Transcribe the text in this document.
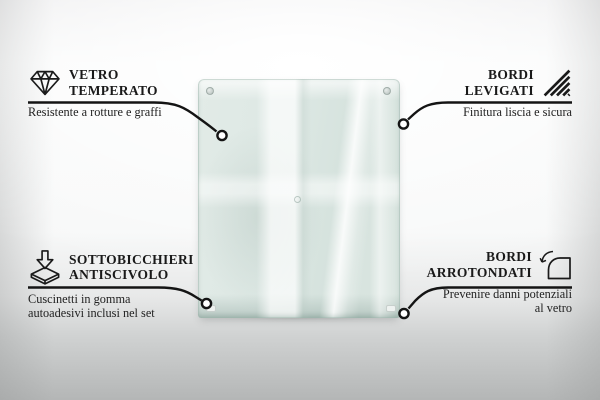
VETRO
TEMPERATO
Resistente a rotture e graffi
BORDI
LEVIGATI
Finitura liscia e sicura
SOTTOBICCHIERI
ANTISCIVOLO
Cuscinetti in gomma
autoadesivi inclusi nel set
BORDI
ARROTONDATI
Prevenire danni potenziali
al vetro
